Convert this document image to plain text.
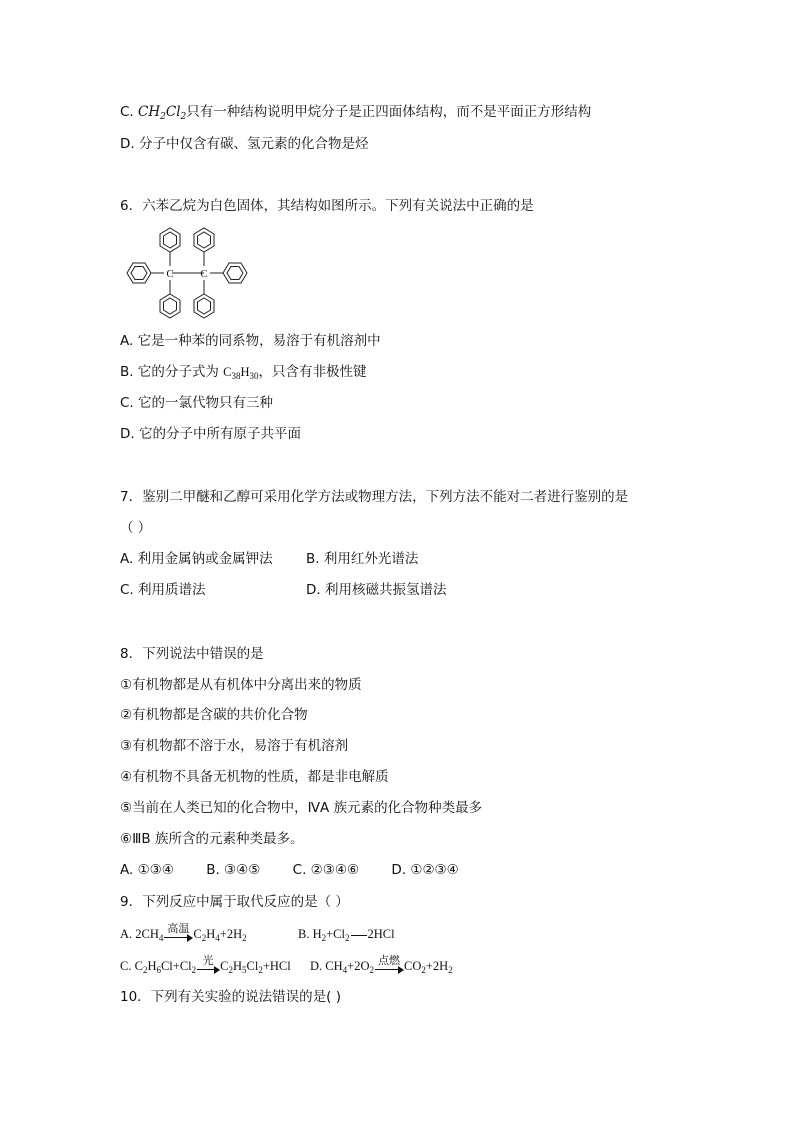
C. $CH_2Cl_2$只有一种结构说明甲烷分子是正四面体结构，而不是平面正方形结构
D. 分子中仅含有碳、氢元素的化合物是烃
6．六苯乙烷为白色固体，其结构如图所示。下列有关说法中正确的是
C C
A. 它是一种苯的同系物，易溶于有机溶剂中
B. 它的分子式为 $C_{38}H_{30}$，只含有非极性键
C. 它的一氯代物只有三种
D. 它的分子中所有原子共平面
7．鉴别二甲醚和乙醇可采用化学方法或物理方法，下列方法不能对二者进行鉴别的是
（ ）
A. 利用金属钠或金属钾法 B. 利用红外光谱法
C. 利用质谱法	D. 利用核磁共振氢谱法
8．下列说法中错误的是
①有机物都是从有机体中分离出来的物质
②有机物都是含碳的共价化合物
③有机物都不溶于水，易溶于有机溶剂
④有机物不具备无机物的性质，都是非电解质
⑤当前在人类已知的化合物中，ⅣA 族元素的化合物种类最多
⑥ⅢB 族所含的元素种类最多。
A. ①③④ B. ③④⑤ C. ②③④⑥ D. ①②③④
9．下列反应中属于取代反应的是（ ）
A. $2CH_4$
高温 $C_2H_4+2H_2$	B. $H_2+Cl_2$ 2HCl
C. $C_2H_6Cl+Cl_2$
光 $C_2H_5Cl_2+HCl$ D. $CH_4+2O_2$
点燃 $CO_2+2H_2$
10．下列有关实验的说法错误的是( )
